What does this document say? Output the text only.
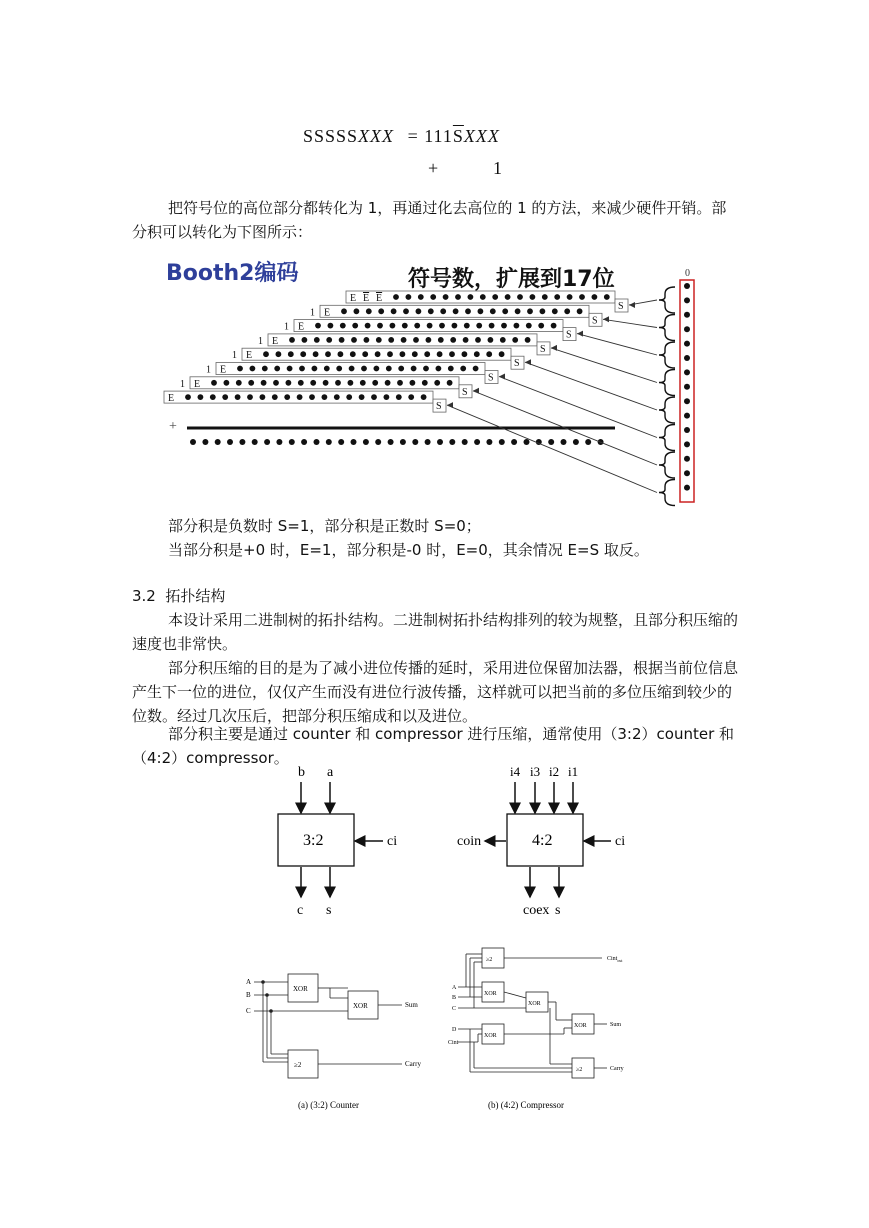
SSSSSXXX = $111\overline{S}XXX$
+	1
把符号位的高位部分都转化为 1，再通过化去高位的 1 的方法，来减少硬件开销。部分积可以转化为下图所示：
Booth2编码	符号数，扩展到17位	0
E E E
S
1 E
S
1 E
S
1 E
S
1 E
S
1 E
S
1 E
S
E
S
+
部分积是负数时 S=1，部分积是正数时 S=0；
当部分积是+0 时，E=1，部分积是-0 时，E=0，其余情况 E=S 取反。
3.2 拓扑结构
本设计采用二进制树的拓扑结构。二进制树拓扑结构排列的较为规整，且部分积压缩的速度也非常快。
部分积压缩的目的是为了减小进位传播的延时，采用进位保留加法器，根据当前位信息产生下一位的进位，仅仅产生而没有进位行波传播，这样就可以把当前的多位压缩到较少的位数。经过几次压后，把部分积压缩成和以及进位。
部分积主要是通过 counter 和 compressor 进行压缩，通常使用（3:2）counter 和（4:2）compressor。
3:2
b a
ci
c s
4:2
i4 i3 i2 i1
ci
coin
coex s
A
B
C
XOR
XOR	Sum
≥2	Carry
(a) (3:2) Counter
≥2	Cint$_{out}$
A
B
C
XOR
XOR
XOR	Sum
D
Cint
XOR
≥2	Carry
(b) (4:2) Compressor
